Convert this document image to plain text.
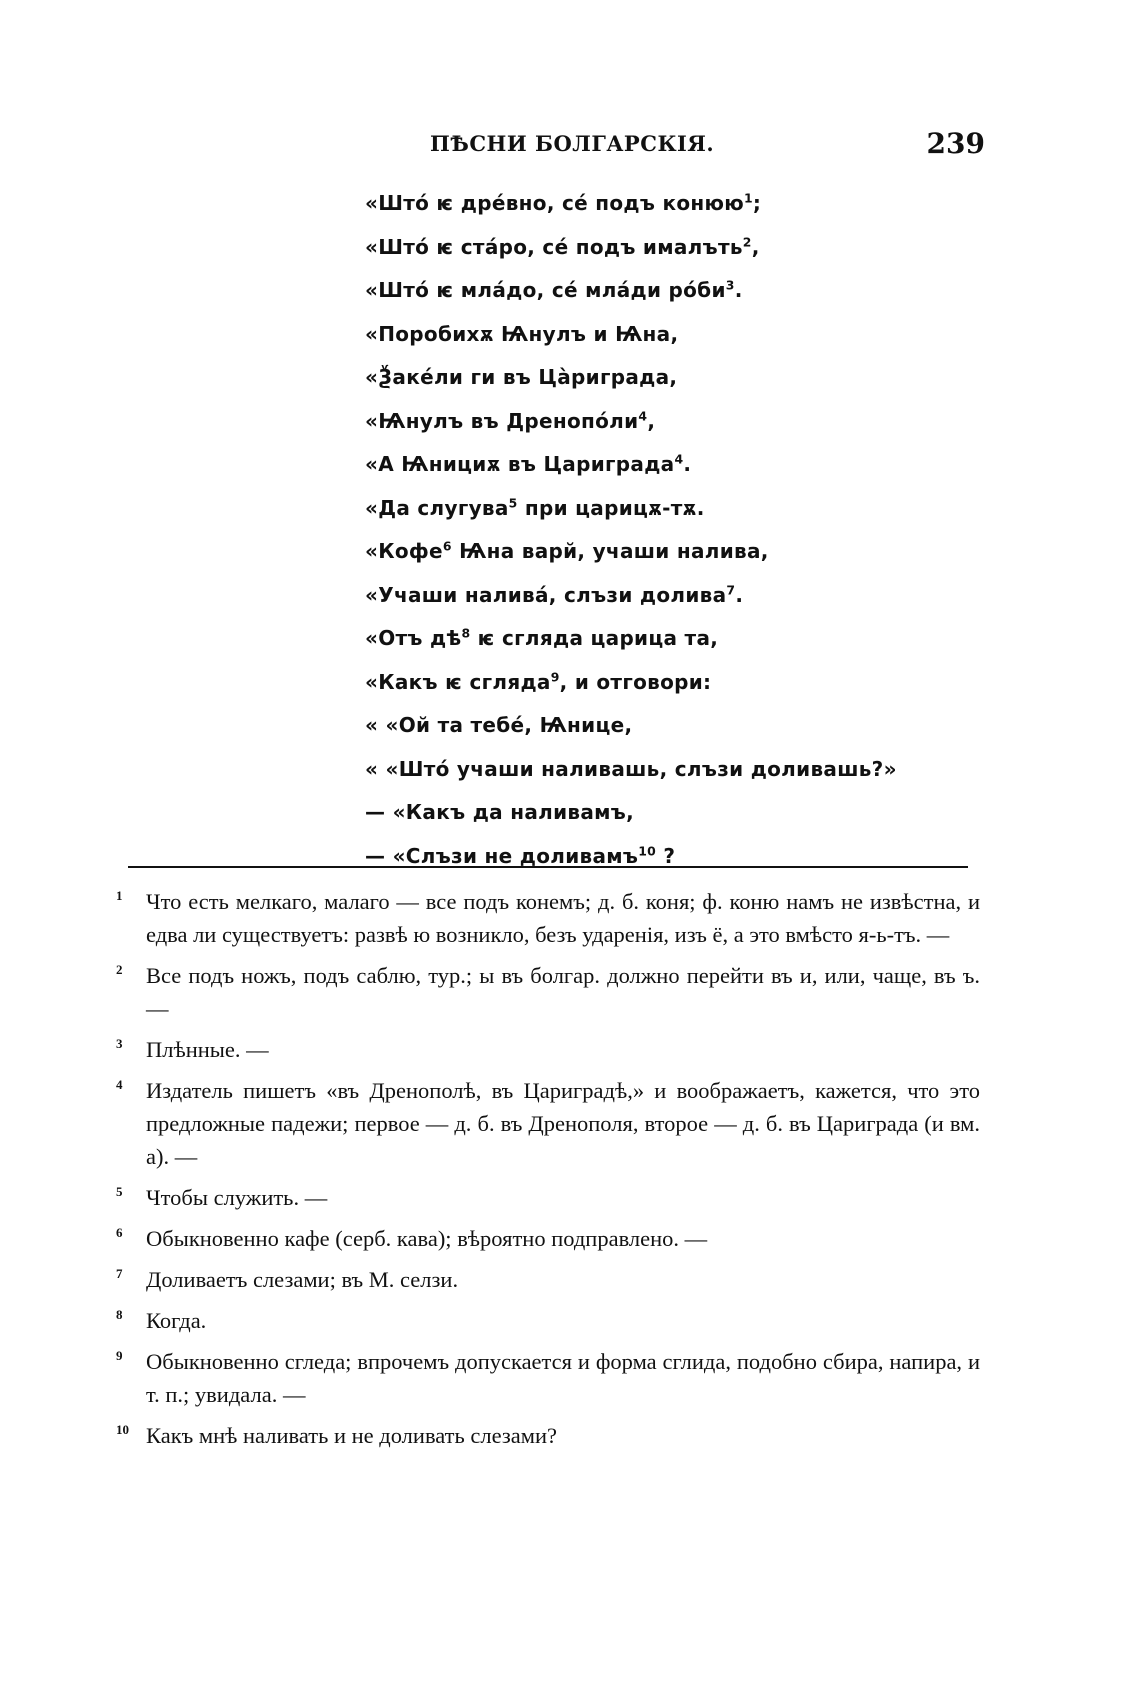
ПѢСНИ БОЛГАРСКІЯ.	239
«Штó ѥ дрéвно, сé подъ конюю$^1$;
«Штó ѥ стáро, сé подъ ималъть$^2$,
«Штó ѥ млáдо, сé млáди рóби$^3$.
«Поробихѫ Ѩнулъ и Ѩна,
«Ѯакéли ги въ Цàриграда,
«Ѩнулъ въ Дренопóли$^4$,
«А Ѩнициѫ въ Цариграда$^4$.
«Да слугува$^5$ при царицѫ-тѫ.
«Кофе$^6$ Ѩна варй, учаши налива,
«Учаши наливá, слъзи долива$^7$.
«Отъ $дѣ^8$ ѥ сгляда царица та,
«Какъ ѥ сгляда$^9$, и отговори:
« «Ой та тебé, Ѩнице,
« «Штó учаши наливашь, слъзи доливашь?»
— «Какъ да наливамъ,
— «Слъзи не доливамъ$^{10}$ ?
1 Что есть мелкаго, малаго — все подъ конемъ; д. б. коня; ф. коню намъ не извѣстна, и едва ли существуетъ: развѣ ю возникло, безъ ударенія, изъ ё, а это вмѣсто я-ь-тъ. —
2 Все подъ ножъ, подъ саблю, тур.; ы въ болгар. должно перейти въ и, или, чаще, въ ъ. —
3 Плѣнные. —
4 Издатель пишетъ «въ Дренополѣ, въ Цариградѣ,» и воображаетъ, кажется, что это предложные падежи; первое — д. б. въ Дренополя, второе — д. б. въ Цариграда (и вм. а). —
5 Чтобы служить. —
6 Обыкновенно кафе (серб. кава); вѣроятно подправлено. —
7 Доливаетъ слезами; въ М. селзи.
8 Когда.
9 Обыкновенно сгледа; впрочемъ допускается и форма сглида, подобно сбира, напира, и т. п.; увидала. —
10 Какъ мнѣ наливать и не доливать слезами?
